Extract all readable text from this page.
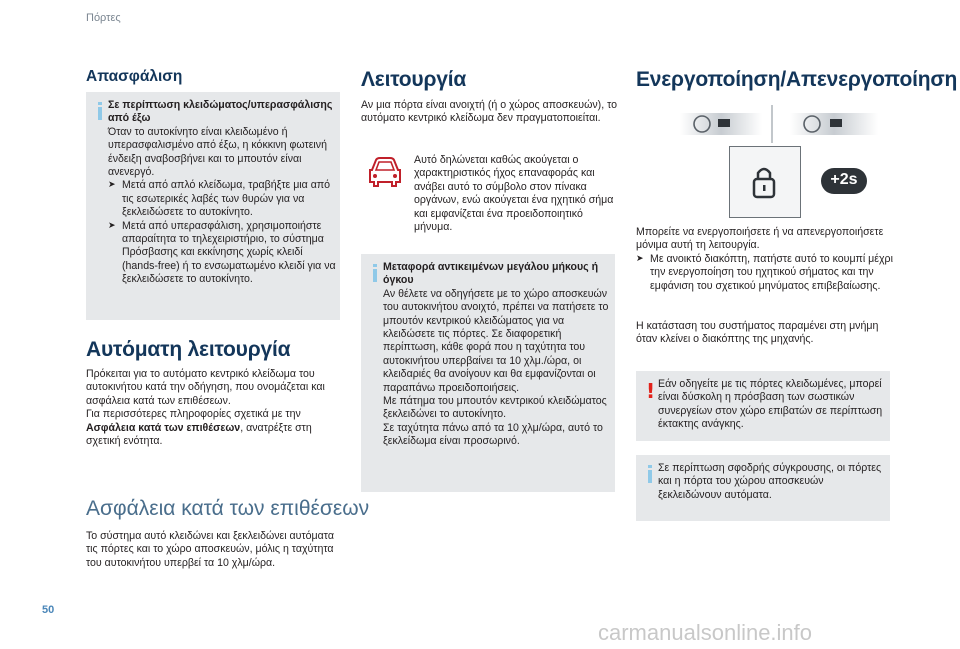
Πόρτες
Απασφάλιση
Σε περίπτωση κλειδώματος/υπερασφάλισης από έξω
Όταν το αυτοκίνητο είναι κλειδωμένο ή υπερασφαλισμένο από έξω, η κόκκινη φωτεινή ένδειξη αναβοσβήνει και το μπουτόν είναι ανενεργό.
➤ Μετά από απλό κλείδωμα, τραβήξτε μια από τις εσωτερικές λαβές των θυρών για να ξεκλειδώσετε το αυτοκίνητο.
➤ Μετά από υπερασφάλιση, χρησιμοποιήστε απαραίτητα το τηλεχειριστήριο, το σύστημα Πρόσβασης και εκκίνησης χωρίς κλειδί (hands-free) ή το ενσωματωμένο κλειδί για να ξεκλειδώσετε το αυτοκίνητο.
Αυτόματη λειτουργία
Πρόκειται για το αυτόματο κεντρικό κλείδωμα του αυτοκινήτου κατά την οδήγηση, που ονομάζεται και ασφάλεια κατά των επιθέσεων.
Για περισσότερες πληροφορίες σχετικά με την Ασφάλεια κατά των επιθέσεων, ανατρέξτε στη σχετική ενότητα.
Ασφάλεια κατά των επιθέσεων
Το σύστημα αυτό κλειδώνει και ξεκλειδώνει αυτόματα τις πόρτες και το χώρο αποσκευών, μόλις η ταχύτητα του αυτοκινήτου υπερβεί τα 10 χλμ/ώρα.
Λειτουργία
Αν μια πόρτα είναι ανοιχτή (ή ο χώρος αποσκευών), το αυτόματο κεντρικό κλείδωμα δεν πραγματοποιείται.
Αυτό δηλώνεται καθώς ακούγεται ο χαρακτηριστικός ήχος επαναφοράς και ανάβει αυτό το σύμβολο στον πίνακα οργάνων, ενώ ακούγεται ένα ηχητικό σήμα και εμφανίζεται ένα προειδοποιητικό μήνυμα.
Μεταφορά αντικειμένων μεγάλου μήκους ή όγκου
Αν θέλετε να οδηγήσετε με το χώρο αποσκευών του αυτοκινήτου ανοιχτό, πρέπει να πατήσετε το μπουτόν κεντρικού κλειδώματος για να κλειδώσετε τις πόρτες. Σε διαφορετική περίπτωση, κάθε φορά που η ταχύτητα του αυτοκινήτου υπερβαίνει τα 10 χλμ./ώρα, οι κλειδαριές θα ανοίγουν και θα εμφανίζονται οι παραπάνω προειδοποιήσεις.
Με πάτημα του μπουτόν κεντρικού κλειδώματος ξεκλειδώνει το αυτοκίνητο.
Σε ταχύτητα πάνω από τα 10 χλμ/ώρα, αυτό το ξεκλείδωμα είναι προσωρινό.
Ενεργοποίηση/Απενεργοποίηση
+2s
Μπορείτε να ενεργοποιήσετε ή να απενεργοποιήσετε μόνιμα αυτή τη λειτουργία.
➤ Με ανοικτό διακόπτη, πατήστε αυτό το κουμπί μέχρι την ενεργοποίηση του ηχητικού σήματος και την εμφάνιση του σχετικού μηνύματος επιβεβαίωσης.
Η κατάσταση του συστήματος παραμένει στη μνήμη όταν κλείνει ο διακόπτης της μηχανής.
! Εάν οδηγείτε με τις πόρτες κλειδωμένες, μπορεί είναι δύσκολη η πρόσβαση των σωστικών συνεργείων στον χώρο επιβατών σε περίπτωση έκτακτης ανάγκης.
Σε περίπτωση σφοδρής σύγκρουσης, οι πόρτες και η πόρτα του χώρου αποσκευών ξεκλειδώνουν αυτόματα.
50
carmanualsonline.info
